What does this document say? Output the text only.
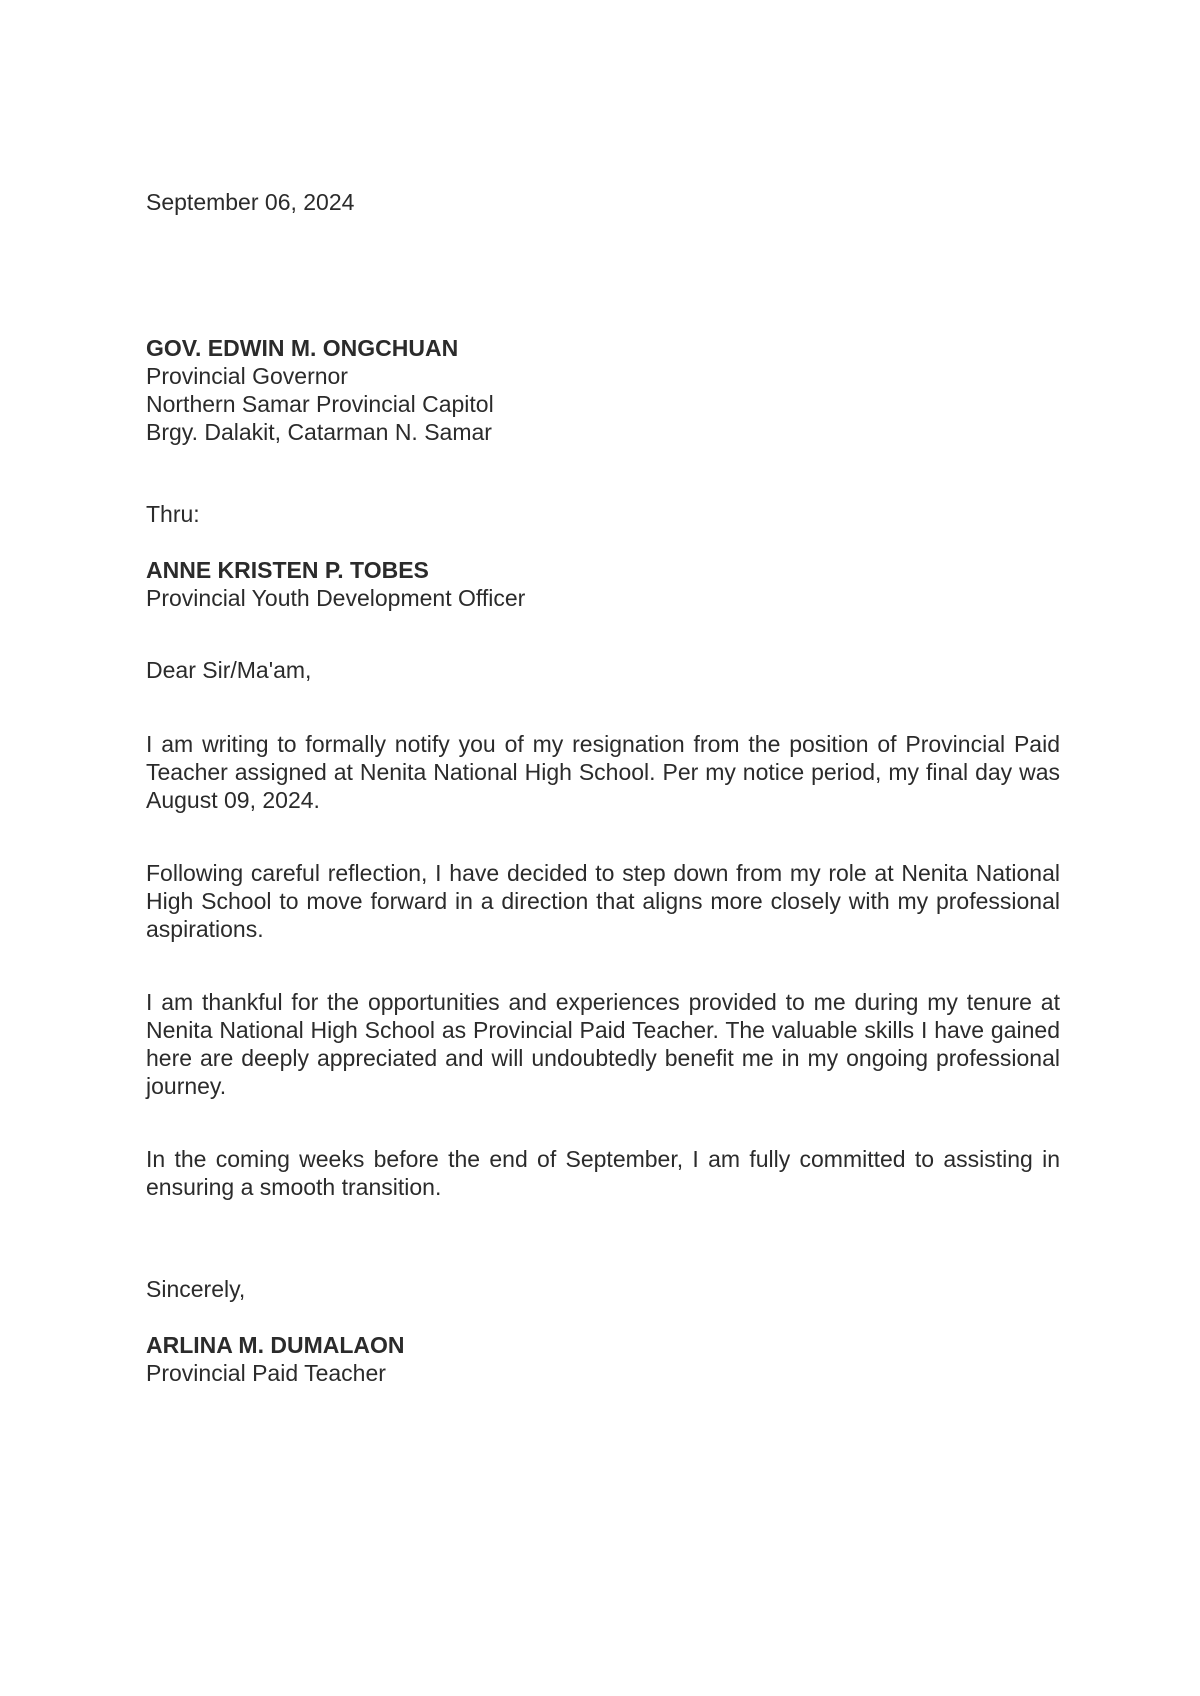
September 06, 2024

GOV. EDWIN M. ONGCHUAN

Provincial Governor

Northern Samar Provincial Capitol

Brgy. Dalakit, Catarman N. Samar

Thru:

ANNE KRISTEN P. TOBES

Provincial Youth Development Officer

Dear Sir/Ma'am,

I am writing to formally notify you of my resignation from the position of Provincial Paid Teacher assigned at Nenita National High School. Per my notice period, my final day was August 09, 2024.

Following careful reflection, I have decided to step down from my role at Nenita National High School to move forward in a direction that aligns more closely with my professional aspirations.

I am thankful for the opportunities and experiences provided to me during my tenure at Nenita National High School as Provincial Paid Teacher. The valuable skills I have gained here are deeply appreciated and will undoubtedly benefit me in my ongoing professional journey.

In the coming weeks before the end of September, I am fully committed to assisting in ensuring a smooth transition.

Sincerely,

ARLINA M. DUMALAON

Provincial Paid Teacher
